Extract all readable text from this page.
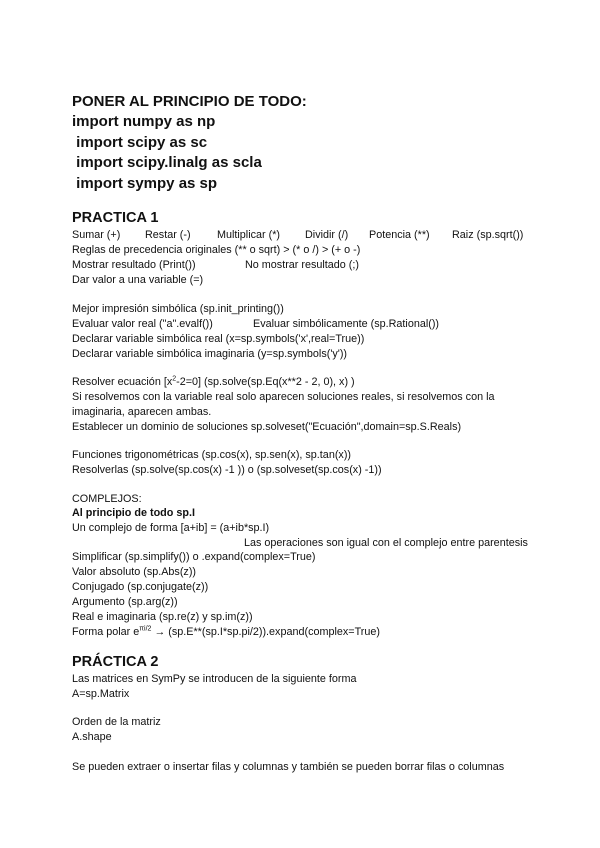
PONER AL PRINCIPIO DE TODO:
import numpy as np
import scipy as sc
import scipy.linalg as scla
import sympy as sp
PRACTICA 1
Sumar (+) Restar (-) Multiplicar (*) Dividir (/) Potencia (**) Raiz (sp.sqrt())
Reglas de precedencia originales (** o sqrt) > (* o /) > (+ o -)
Mostrar resultado (Print())	No mostrar resultado (;)
Dar valor a una variable (=)
Mejor impresión simbólica (sp.init_printing())
Evaluar valor real ("a".evalf())	Evaluar simbólicamente (sp.Rational())
Declarar variable simbólica real (x=sp.symbols('x',real=True))
Declarar variable simbólica imaginaria (y=sp.symbols('y'))
Resolver ecuación $[x^2-2=0]$ (sp.solve(sp.Eq(x**2 - 2, 0), x) )
Si resolvemos con la variable real solo aparecen soluciones reales, si resolvemos con la
imaginaria, aparecen ambas.
Establecer un dominio de soluciones sp.solveset("Ecuación",domain=sp.S.Reals)
Funciones trigonométricas (sp.cos(x), sp.sen(x), sp.tan(x))
Resolverlas (sp.solve(sp.cos(x) -1 )) o (sp.solveset(sp.cos(x) -1))
COMPLEJOS:
Al principio de todo sp.I
Un complejo de forma [a+ib] = (a+ib*sp.I)
Las operaciones son igual con el complejo entre parentesis
Simplificar (sp.simplify()) o .expand(complex=True)
Valor absoluto (sp.Abs(z))
Conjugado (sp.conjugate(z))
Argumento (sp.arg(z))
Real e imaginaria (sp.re(z) y sp.im(z))
Forma polar $e^{\pi i/2}$ → (sp.E**(sp.I*sp.pi/2)).expand(complex=True)
PRÁCTICA 2
Las matrices en SymPy se introducen de la siguiente forma
A=sp.Matrix
Orden de la matriz
A.shape
Se pueden extraer o insertar filas y columnas y también se pueden borrar filas o columnas
